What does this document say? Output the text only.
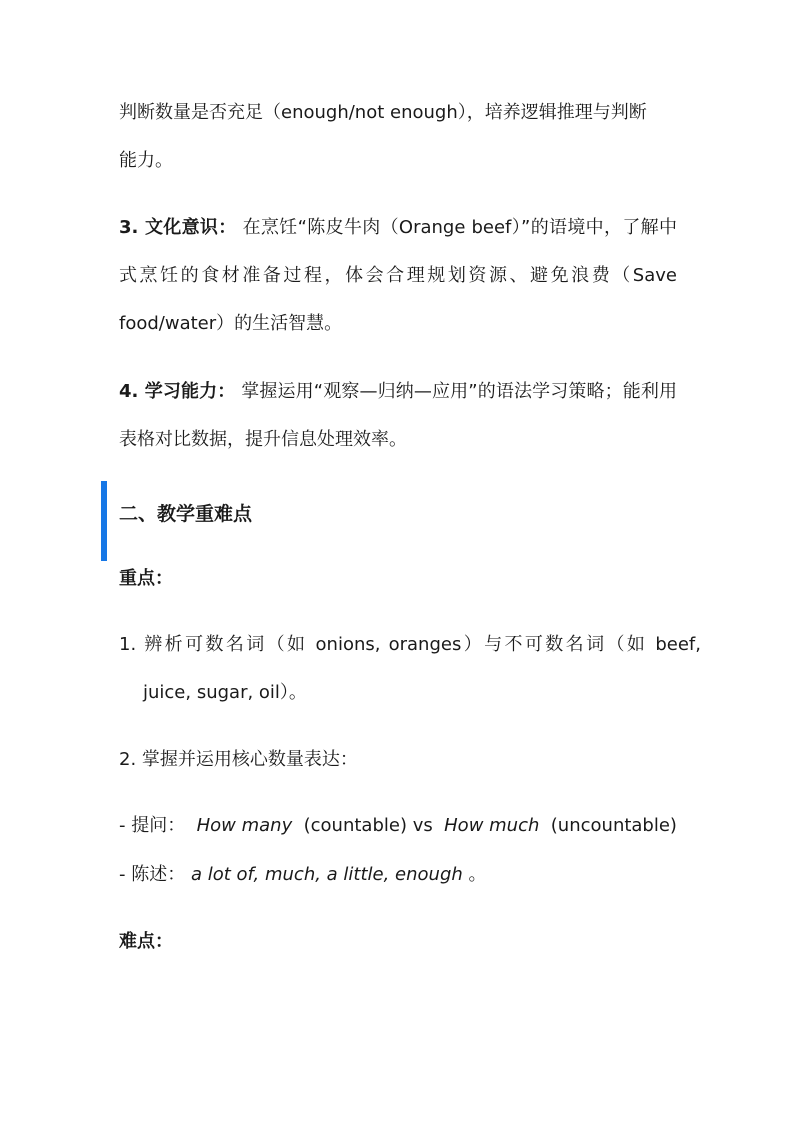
判断数量是否充足（enough/not enough），培养逻辑推理与判断
能力。

3. 文化意识： 在烹饪“陈皮牛肉（Orange beef）”的语境中，了解中式烹饪的食材准备过程，体会合理规划资源、避免浪费（Save food/water）的生活智慧。

4. 学习能力： 掌握运用“观察—归纳—应用”的语法学习策略；能利用表格对比数据，提升信息处理效率。

二、教学重难点
重点：

1. 辨析可数名词（如 onions, oranges）与不可数名词（如 beef, juice, sugar, oil）。

2. 掌握并运用核心数量表达：

- 提问： How many (countable) vs How much (uncountable)

- 陈述： a lot of, much, a little, enough 。

难点：
